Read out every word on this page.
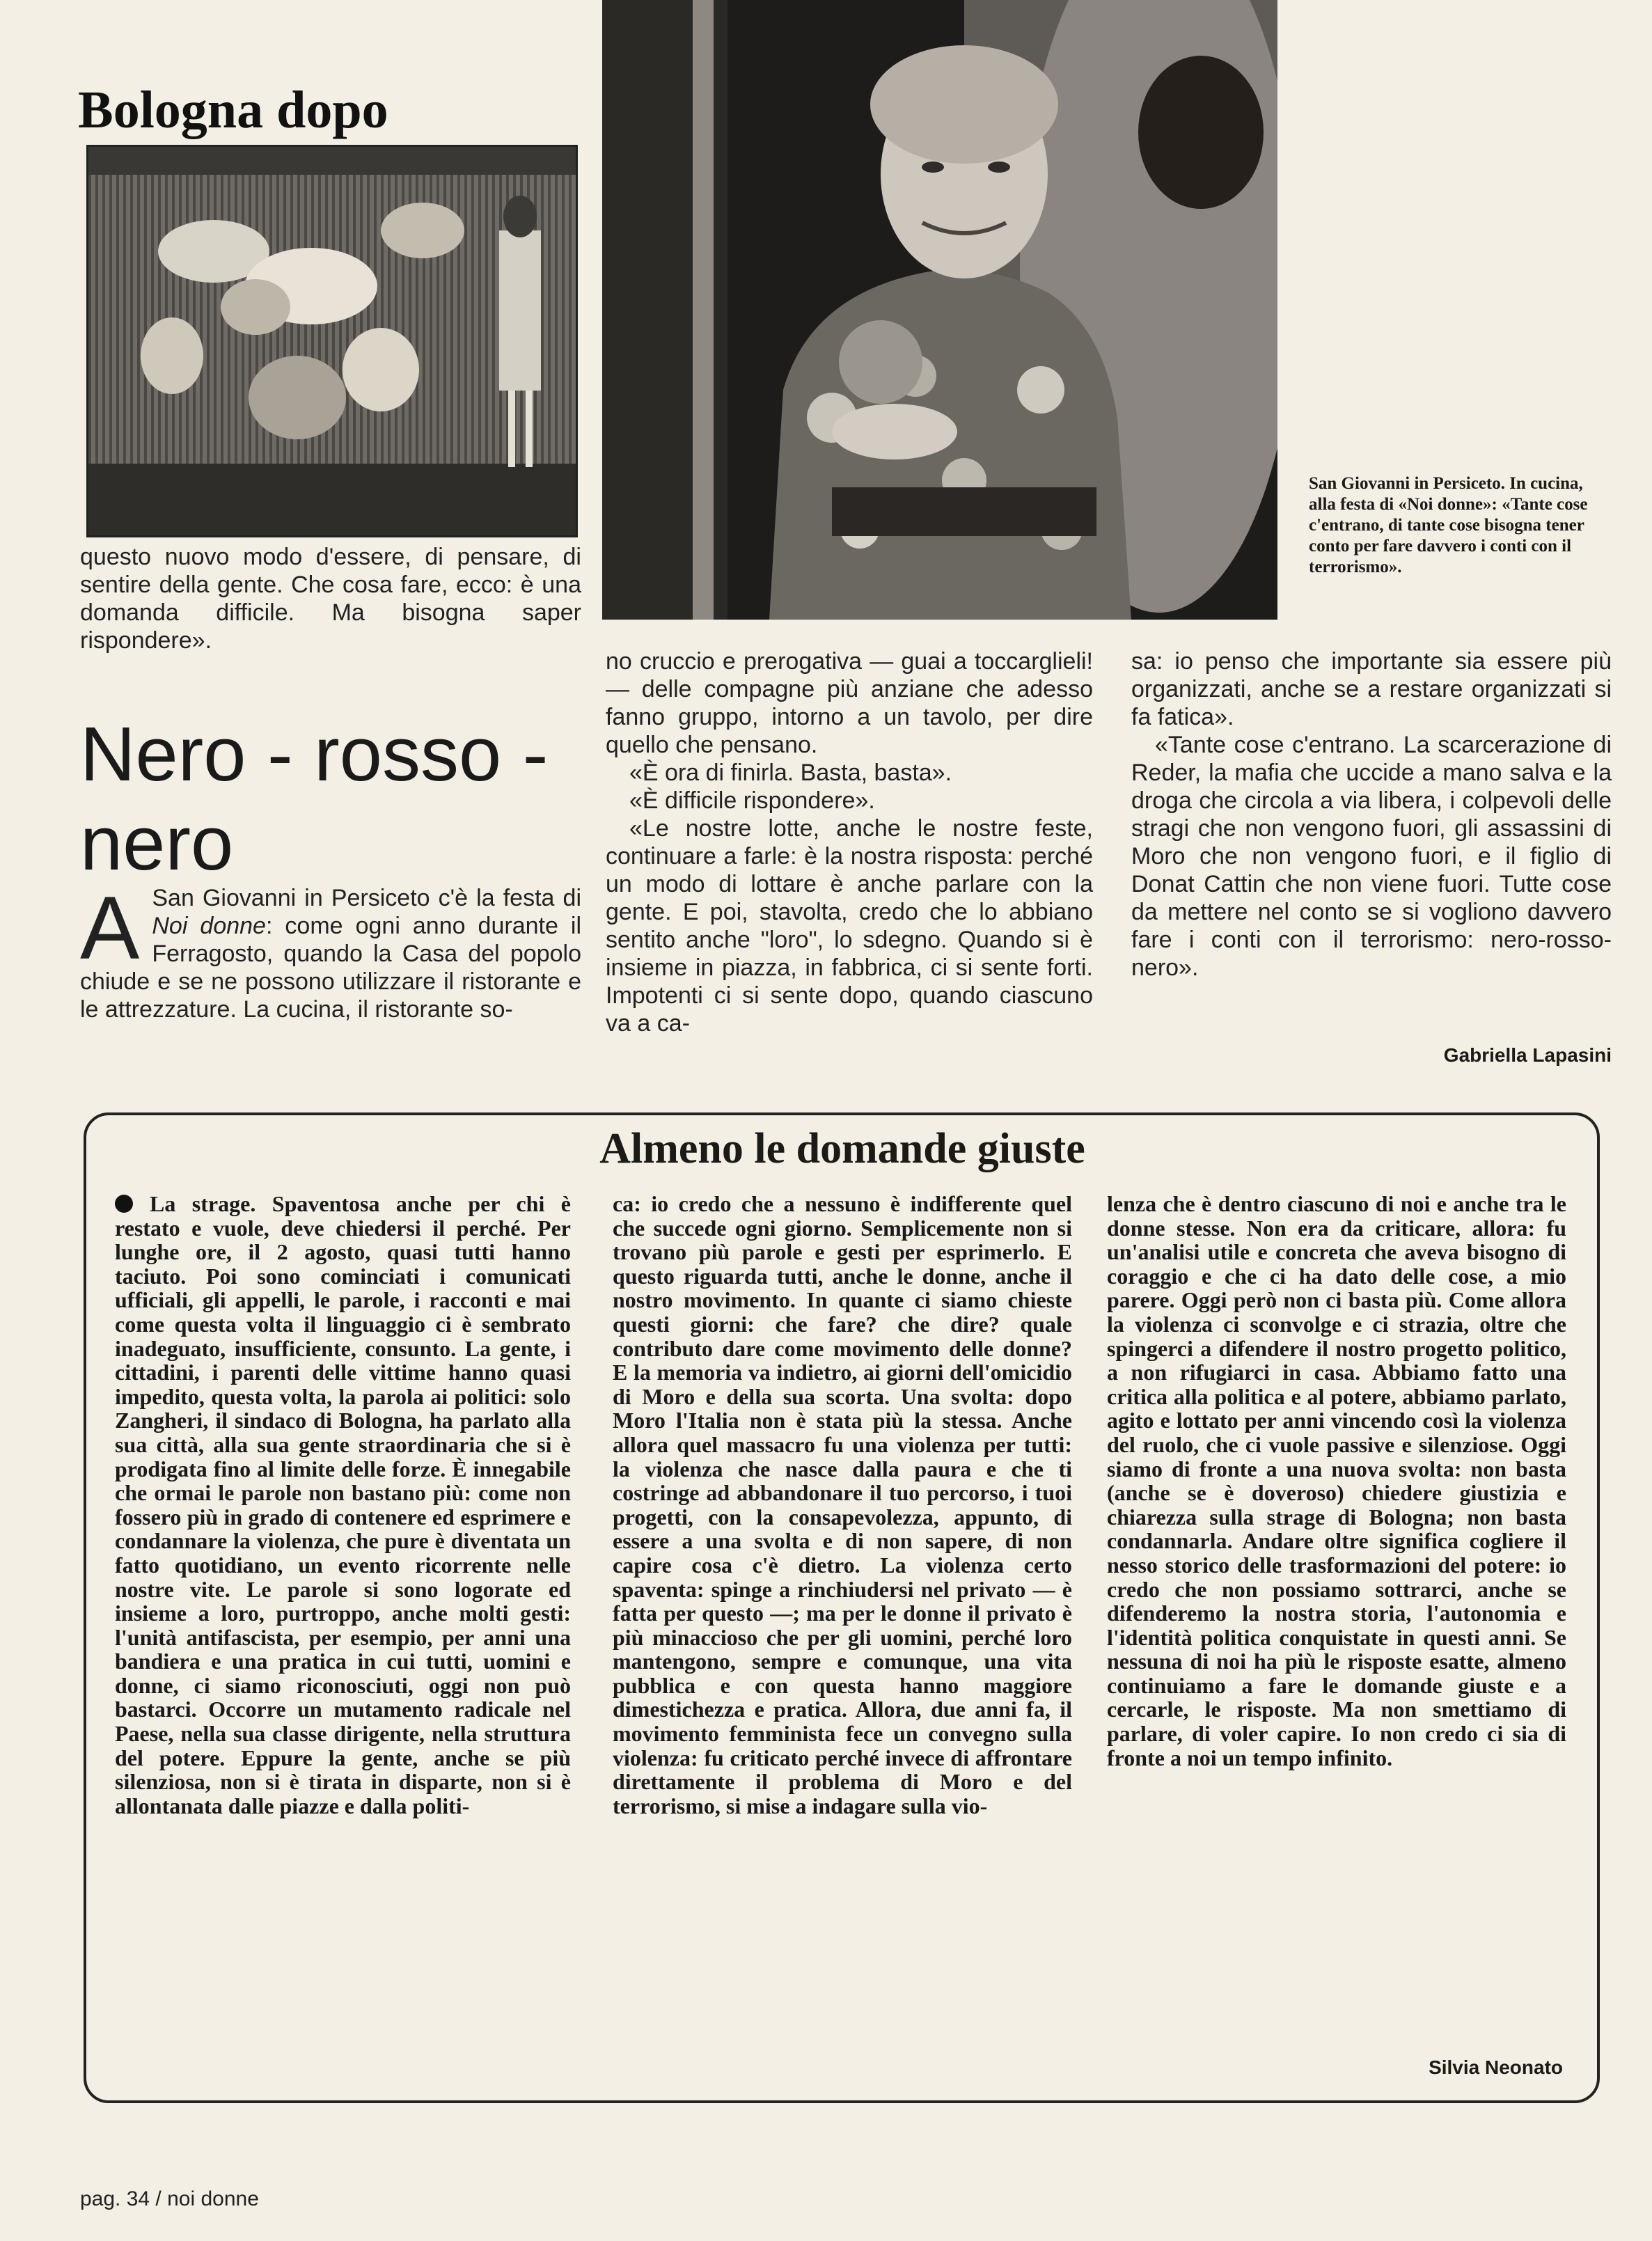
Bologna dopo
San Giovanni in Persiceto. In cucina, alla festa di «Noi donne»: «Tante cose c'entrano, di tante cose bisogna tener conto per fare davvero i conti con il terrorismo».

questo nuovo modo d'essere, di pensare, di sentire della gente. Che cosa fare, ecco: è una domanda difficile. Ma bisogna saper rispondere».

Nero - rosso - nero

A San Giovanni in Persiceto c'è la festa di Noi donne: come ogni anno durante il Ferragosto, quando la Casa del popolo chiude e se ne possono utilizzare il ristorante e le attrezzature. La cucina, il ristorante so-

no cruccio e prerogativa — guai a toccarglieli! — delle compagne più anziane che adesso fanno gruppo, intorno a un tavolo, per dire quello che pensano.

«È ora di finirla. Basta, basta».

«È difficile rispondere».

«Le nostre lotte, anche le nostre feste, continuare a farle: è la nostra risposta: perché un modo di lottare è anche parlare con la gente. E poi, stavolta, credo che lo abbiano sentito anche "loro", lo sdegno. Quando si è insieme in piazza, in fabbrica, ci si sente forti. Impotenti ci si sente dopo, quando ciascuno va a ca-

sa: io penso che importante sia essere più organizzati, anche se a restare organizzati si fa fatica».

«Tante cose c'entrano. La scarcerazione di Reder, la mafia che uccide a mano salva e la droga che circola a via libera, i colpevoli delle stragi che non vengono fuori, gli assassini di Moro che non vengono fuori, e il figlio di Donat Cattin che non viene fuori. Tutte cose da mettere nel conto se si vogliono davvero fare i conti con il terrorismo: nero-rosso-nero».

Gabriella Lapasini
Almeno le domande giuste

La strage. Spaventosa anche per chi è restato e vuole, deve chiedersi il perché. Per lunghe ore, il 2 agosto, quasi tutti hanno taciuto. Poi sono cominciati i comunicati ufficiali, gli appelli, le parole, i racconti e mai come questa volta il linguaggio ci è sembrato inadeguato, insufficiente, consunto. La gente, i cittadini, i parenti delle vittime hanno quasi impedito, questa volta, la parola ai politici: solo Zangheri, il sindaco di Bologna, ha parlato alla sua città, alla sua gente straordinaria che si è prodigata fino al limite delle forze. È innegabile che ormai le parole non bastano più: come non fossero più in grado di contenere ed esprimere e condannare la violenza, che pure è diventata un fatto quotidiano, un evento ricorrente nelle nostre vite. Le parole si sono logorate ed insieme a loro, purtroppo, anche molti gesti: l'unità antifascista, per esempio, per anni una bandiera e una pratica in cui tutti, uomini e donne, ci siamo riconosciuti, oggi non può bastarci. Occorre un mutamento radicale nel Paese, nella sua classe dirigente, nella struttura del potere. Eppure la gente, anche se più silenziosa, non si è tirata in disparte, non si è allontanata dalle piazze e dalla politi-

ca: io credo che a nessuno è indifferente quel che succede ogni giorno. Semplicemente non si trovano più parole e gesti per esprimerlo. E questo riguarda tutti, anche le donne, anche il nostro movimento. In quante ci siamo chieste questi giorni: che fare? che dire? quale contributo dare come movimento delle donne? E la memoria va indietro, ai giorni dell'omicidio di Moro e della sua scorta. Una svolta: dopo Moro l'Italia non è stata più la stessa. Anche allora quel massacro fu una violenza per tutti: la violenza che nasce dalla paura e che ti costringe ad abbandonare il tuo percorso, i tuoi progetti, con la consapevolezza, appunto, di essere a una svolta e di non sapere, di non capire cosa c'è dietro. La violenza certo spaventa: spinge a rinchiudersi nel privato — è fatta per questo —; ma per le donne il privato è più minaccioso che per gli uomini, perché loro mantengono, sempre e comunque, una vita pubblica e con questa hanno maggiore dimestichezza e pratica. Allora, due anni fa, il movimento femminista fece un convegno sulla violenza: fu criticato perché invece di affrontare direttamente il problema di Moro e del terrorismo, si mise a indagare sulla vio-

lenza che è dentro ciascuno di noi e anche tra le donne stesse. Non era da criticare, allora: fu un'analisi utile e concreta che aveva bisogno di coraggio e che ci ha dato delle cose, a mio parere. Oggi però non ci basta più. Come allora la violenza ci sconvolge e ci strazia, oltre che spingerci a difendere il nostro progetto politico, a non rifugiarci in casa. Abbiamo fatto una critica alla politica e al potere, abbiamo parlato, agito e lottato per anni vincendo così la violenza del ruolo, che ci vuole passive e silenziose. Oggi siamo di fronte a una nuova svolta: non basta (anche se è doveroso) chiedere giustizia e chiarezza sulla strage di Bologna; non basta condannarla. Andare oltre significa cogliere il nesso storico delle trasformazioni del potere: io credo che non possiamo sottrarci, anche se difenderemo la nostra storia, l'autonomia e l'identità politica conquistate in questi anni. Se nessuna di noi ha più le risposte esatte, almeno continuiamo a fare le domande giuste e a cercarle, le risposte. Ma non smettiamo di parlare, di voler capire. Io non credo ci sia di fronte a noi un tempo infinito.

Silvia Neonato
pag. 34 / noi donne
